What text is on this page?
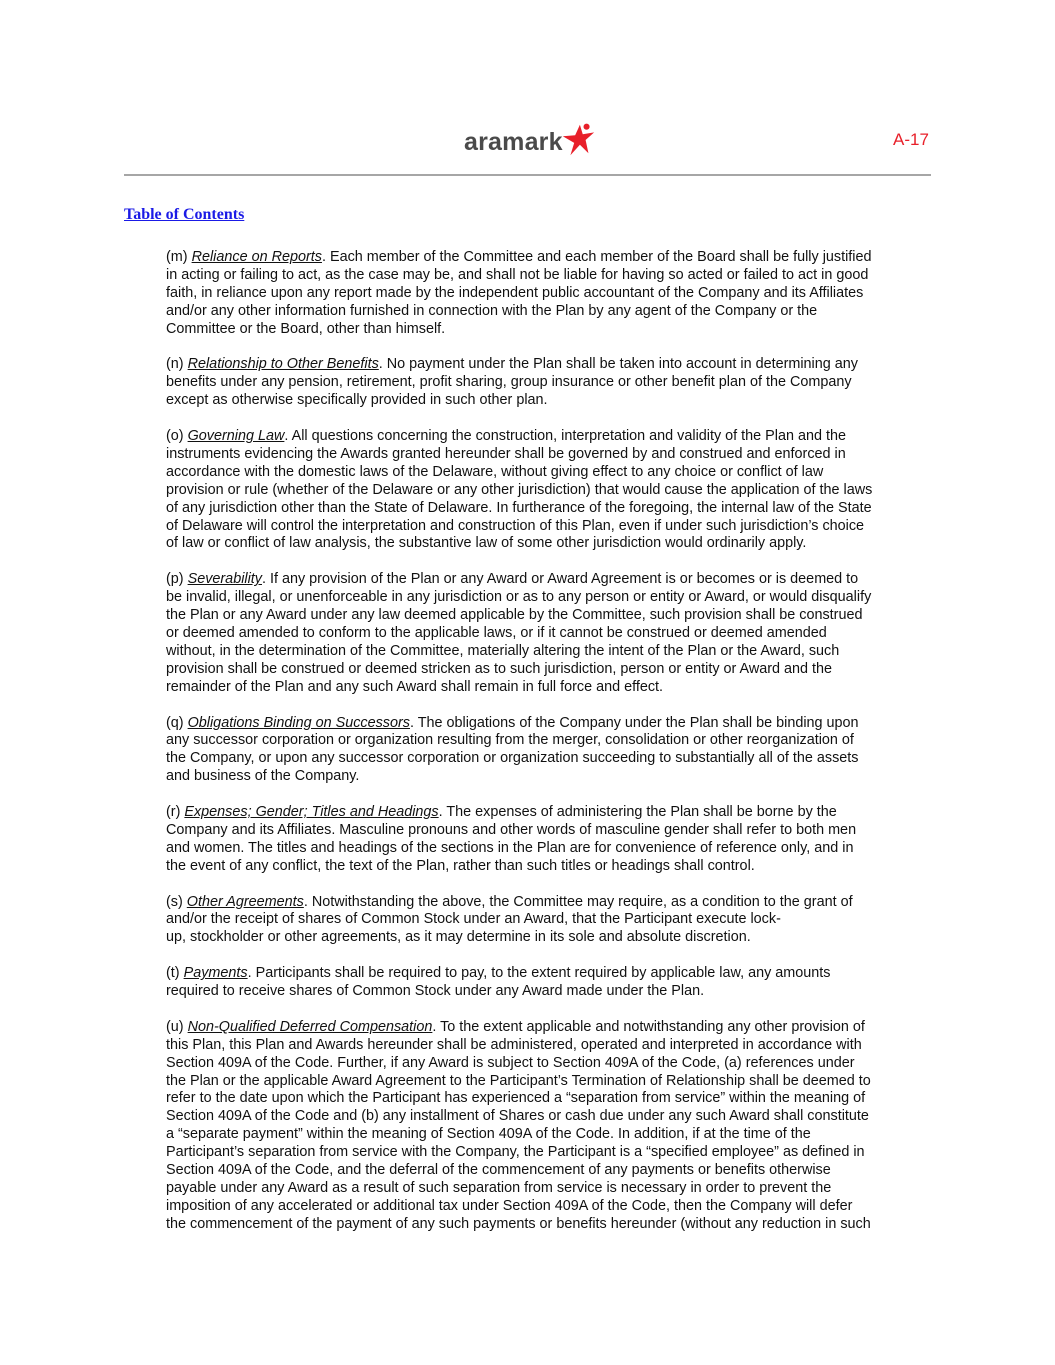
aramark	A-17
Table of Contents
(m) Reliance on Reports. Each member of the Committee and each member of the Board shall be fully justified
in acting or failing to act, as the case may be, and shall not be liable for having so acted or failed to act in good
faith, in reliance upon any report made by the independent public accountant of the Company and its Affiliates
and/or any other information furnished in connection with the Plan by any agent of the Company or the
Committee or the Board, other than himself.
(n) Relationship to Other Benefits. No payment under the Plan shall be taken into account in determining any
benefits under any pension, retirement, profit sharing, group insurance or other benefit plan of the Company
except as otherwise specifically provided in such other plan.
(o) Governing Law. All questions concerning the construction, interpretation and validity of the Plan and the
instruments evidencing the Awards granted hereunder shall be governed by and construed and enforced in
accordance with the domestic laws of the Delaware, without giving effect to any choice or conflict of law
provision or rule (whether of the Delaware or any other jurisdiction) that would cause the application of the laws
of any jurisdiction other than the State of Delaware. In furtherance of the foregoing, the internal law of the State
of Delaware will control the interpretation and construction of this Plan, even if under such jurisdiction’s choice
of law or conflict of law analysis, the substantive law of some other jurisdiction would ordinarily apply.
(p) Severability. If any provision of the Plan or any Award or Award Agreement is or becomes or is deemed to
be invalid, illegal, or unenforceable in any jurisdiction or as to any person or entity or Award, or would disqualify
the Plan or any Award under any law deemed applicable by the Committee, such provision shall be construed
or deemed amended to conform to the applicable laws, or if it cannot be construed or deemed amended
without, in the determination of the Committee, materially altering the intent of the Plan or the Award, such
provision shall be construed or deemed stricken as to such jurisdiction, person or entity or Award and the
remainder of the Plan and any such Award shall remain in full force and effect.
(q) Obligations Binding on Successors. The obligations of the Company under the Plan shall be binding upon
any successor corporation or organization resulting from the merger, consolidation or other reorganization of
the Company, or upon any successor corporation or organization succeeding to substantially all of the assets
and business of the Company.
(r) Expenses; Gender; Titles and Headings. The expenses of administering the Plan shall be borne by the
Company and its Affiliates. Masculine pronouns and other words of masculine gender shall refer to both men
and women. The titles and headings of the sections in the Plan are for convenience of reference only, and in
the event of any conflict, the text of the Plan, rather than such titles or headings shall control.
(s) Other Agreements. Notwithstanding the above, the Committee may require, as a condition to the grant of
and/or the receipt of shares of Common Stock under an Award, that the Participant execute lock-
up, stockholder or other agreements, as it may determine in its sole and absolute discretion.
(t) Payments. Participants shall be required to pay, to the extent required by applicable law, any amounts
required to receive shares of Common Stock under any Award made under the Plan.
(u) Non-Qualified Deferred Compensation. To the extent applicable and notwithstanding any other provision of
this Plan, this Plan and Awards hereunder shall be administered, operated and interpreted in accordance with
Section 409A of the Code. Further, if any Award is subject to Section 409A of the Code, (a) references under
the Plan or the applicable Award Agreement to the Participant’s Termination of Relationship shall be deemed to
refer to the date upon which the Participant has experienced a “separation from service” within the meaning of
Section 409A of the Code and (b) any installment of Shares or cash due under any such Award shall constitute
a “separate payment” within the meaning of Section 409A of the Code. In addition, if at the time of the
Participant’s separation from service with the Company, the Participant is a “specified employee” as defined in
Section 409A of the Code, and the deferral of the commencement of any payments or benefits otherwise
payable under any Award as a result of such separation from service is necessary in order to prevent the
imposition of any accelerated or additional tax under Section 409A of the Code, then the Company will defer
the commencement of the payment of any such payments or benefits hereunder (without any reduction in such
